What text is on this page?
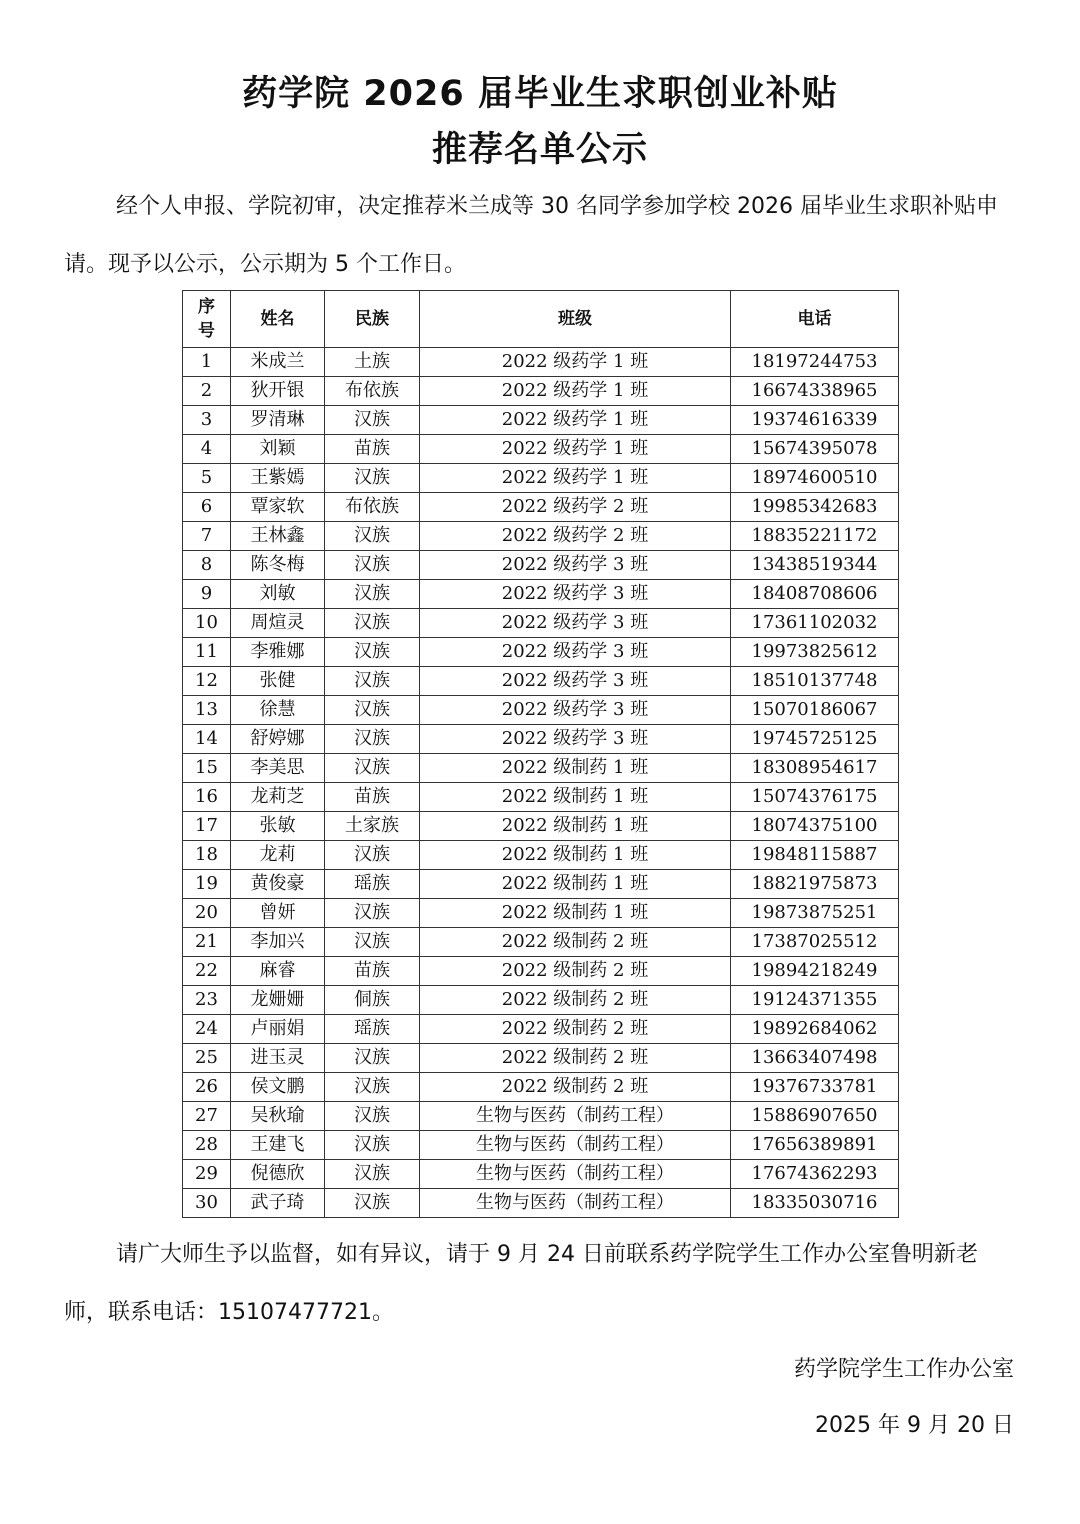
药学院 2026 届毕业生求职创业补贴
推荐名单公示

经个人申报、学院初审，决定推荐米兰成等 30 名同学参加学校 2026 届毕业生求职补贴申请。现予以公示，公示期为 5 个工作日。

序
号	姓名	民族	班级	电话
1	米成兰	土族	2022 级药学 1 班	18197244753
2	狄开银	布依族	2022 级药学 1 班	16674338965
3	罗清琳	汉族	2022 级药学 1 班	19374616339
4	刘颖	苗族	2022 级药学 1 班	15674395078
5	王紫嫣	汉族	2022 级药学 1 班	18974600510
6	覃家软	布依族	2022 级药学 2 班	19985342683
7	王林鑫	汉族	2022 级药学 2 班	18835221172
8	陈冬梅	汉族	2022 级药学 3 班	13438519344
9	刘敏	汉族	2022 级药学 3 班	18408708606
10	周煊灵	汉族	2022 级药学 3 班	17361102032
11	李雅娜	汉族	2022 级药学 3 班	19973825612
12	张健	汉族	2022 级药学 3 班	18510137748
13	徐慧	汉族	2022 级药学 3 班	15070186067
14	舒婷娜	汉族	2022 级药学 3 班	19745725125
15	李美思	汉族	2022 级制药 1 班	18308954617
16	龙莉芝	苗族	2022 级制药 1 班	15074376175
17	张敏	土家族	2022 级制药 1 班	18074375100
18	龙莉	汉族	2022 级制药 1 班	19848115887
19	黄俊豪	瑶族	2022 级制药 1 班	18821975873
20	曾妍	汉族	2022 级制药 1 班	19873875251
21	李加兴	汉族	2022 级制药 2 班	17387025512
22	麻睿	苗族	2022 级制药 2 班	19894218249
23	龙姗姗	侗族	2022 级制药 2 班	19124371355
24	卢丽娟	瑶族	2022 级制药 2 班	19892684062
25	进玉灵	汉族	2022 级制药 2 班	13663407498
26	侯文鹏	汉族	2022 级制药 2 班	19376733781
27	吴秋瑜	汉族	生物与医药（制药工程）	15886907650
28	王建飞	汉族	生物与医药（制药工程）	17656389891
29	倪德欣	汉族	生物与医药（制药工程）	17674362293
30	武子琦	汉族	生物与医药（制药工程）	18335030716

请广大师生予以监督，如有异议，请于 9 月 24 日前联系药学院学生工作办公室鲁明新老师，联系电话：15107477721。

药学院学生工作办公室
2025 年 9 月 20 日
